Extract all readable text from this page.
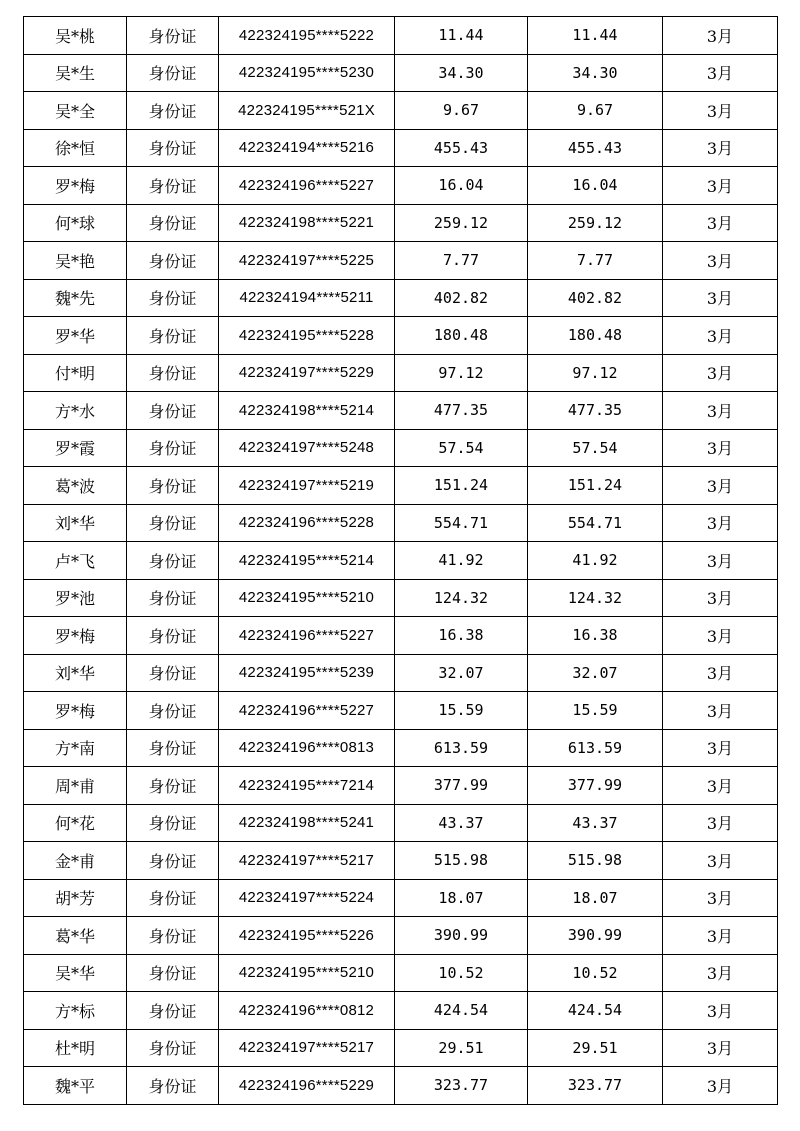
吴*桃	身份证	422324195****5222	11.44	11.44	3月
吴*生	身份证	422324195****5230	34.30	34.30	3月
吴*全	身份证	422324195****521X	9.67	9.67	3月
徐*恒	身份证	422324194****5216	455.43	455.43	3月
罗*梅	身份证	422324196****5227	16.04	16.04	3月
何*球	身份证	422324198****5221	259.12	259.12	3月
吴*艳	身份证	422324197****5225	7.77	7.77	3月
魏*先	身份证	422324194****5211	402.82	402.82	3月
罗*华	身份证	422324195****5228	180.48	180.48	3月
付*明	身份证	422324197****5229	97.12	97.12	3月
方*水	身份证	422324198****5214	477.35	477.35	3月
罗*霞	身份证	422324197****5248	57.54	57.54	3月
葛*波	身份证	422324197****5219	151.24	151.24	3月
刘*华	身份证	422324196****5228	554.71	554.71	3月
卢*飞	身份证	422324195****5214	41.92	41.92	3月
罗*池	身份证	422324195****5210	124.32	124.32	3月
罗*梅	身份证	422324196****5227	16.38	16.38	3月
刘*华	身份证	422324195****5239	32.07	32.07	3月
罗*梅	身份证	422324196****5227	15.59	15.59	3月
方*南	身份证	422324196****0813	613.59	613.59	3月
周*甫	身份证	422324195****7214	377.99	377.99	3月
何*花	身份证	422324198****5241	43.37	43.37	3月
金*甫	身份证	422324197****5217	515.98	515.98	3月
胡*芳	身份证	422324197****5224	18.07	18.07	3月
葛*华	身份证	422324195****5226	390.99	390.99	3月
吴*华	身份证	422324195****5210	10.52	10.52	3月
方*标	身份证	422324196****0812	424.54	424.54	3月
杜*明	身份证	422324197****5217	29.51	29.51	3月
魏*平	身份证	422324196****5229	323.77	323.77	3月
